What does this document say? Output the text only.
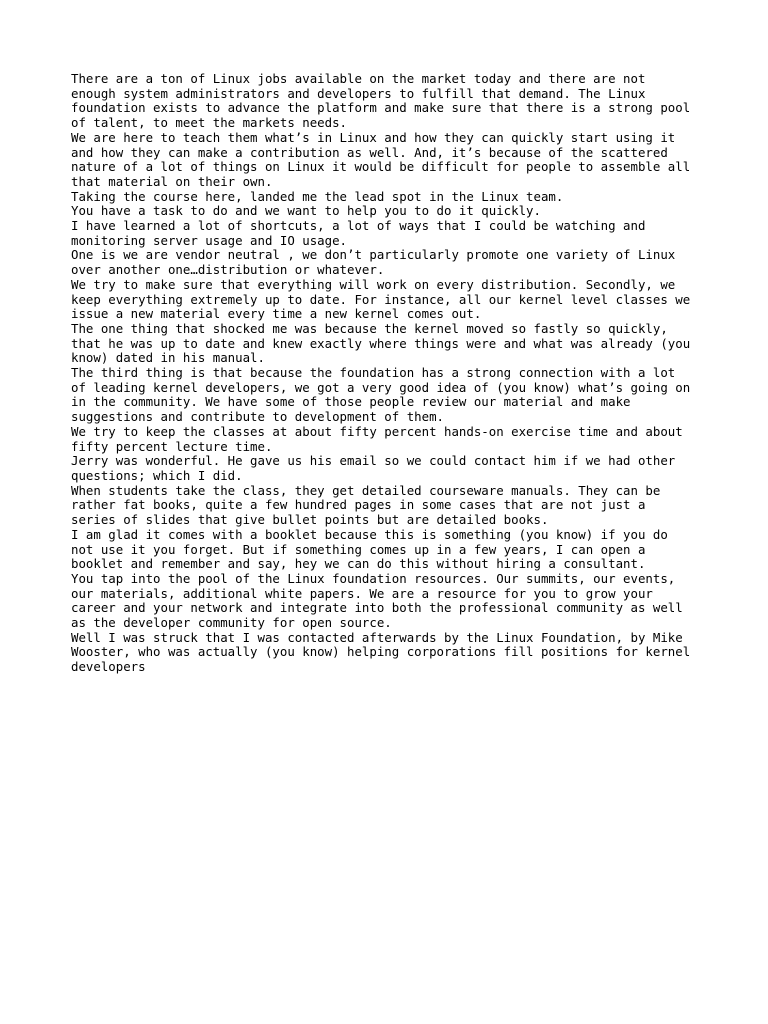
There are a ton of Linux jobs available on the market today and there are not
enough system administrators and developers to fulfill that demand. The Linux
foundation exists to advance the platform and make sure that there is a strong pool
of talent, to meet the markets needs.

We are here to teach them what’s in Linux and how they can quickly start using it
and how they can make a contribution as well. And, it’s because of the scattered
nature of a lot of things on Linux it would be difficult for people to assemble all
that material on their own.

Taking the course here, landed me the lead spot in the Linux team.

You have a task to do and we want to help you to do it quickly.

I have learned a lot of shortcuts, a lot of ways that I could be watching and
monitoring server usage and IO usage.

One is we are vendor neutral , we don’t particularly promote one variety of Linux
over another one…distribution or whatever.

We try to make sure that everything will work on every distribution. Secondly, we
keep everything extremely up to date. For instance, all our kernel level classes we
issue a new material every time a new kernel comes out.

The one thing that shocked me was because the kernel moved so fastly so quickly,
that he was up to date and knew exactly where things were and what was already (you
know) dated in his manual.

The third thing is that because the foundation has a strong connection with a lot
of leading kernel developers, we got a very good idea of (you know) what’s going on
in the community. We have some of those people review our material and make
suggestions and contribute to development of them.

We try to keep the classes at about fifty percent hands-on exercise time and about
fifty percent lecture time.

Jerry was wonderful. He gave us his email so we could contact him if we had other
questions; which I did.

When students take the class, they get detailed courseware manuals. They can be
rather fat books, quite a few hundred pages in some cases that are not just a
series of slides that give bullet points but are detailed books.

I am glad it comes with a booklet because this is something (you know) if you do
not use it you forget. But if something comes up in a few years, I can open a
booklet and remember and say, hey we can do this without hiring a consultant.

You tap into the pool of the Linux foundation resources. Our summits, our events,
our materials, additional white papers. We are a resource for you to grow your
career and your network and integrate into both the professional community as well
as the developer community for open source.

Well I was struck that I was contacted afterwards by the Linux Foundation, by Mike
Wooster, who was actually (you know) helping corporations fill positions for kernel
developers
